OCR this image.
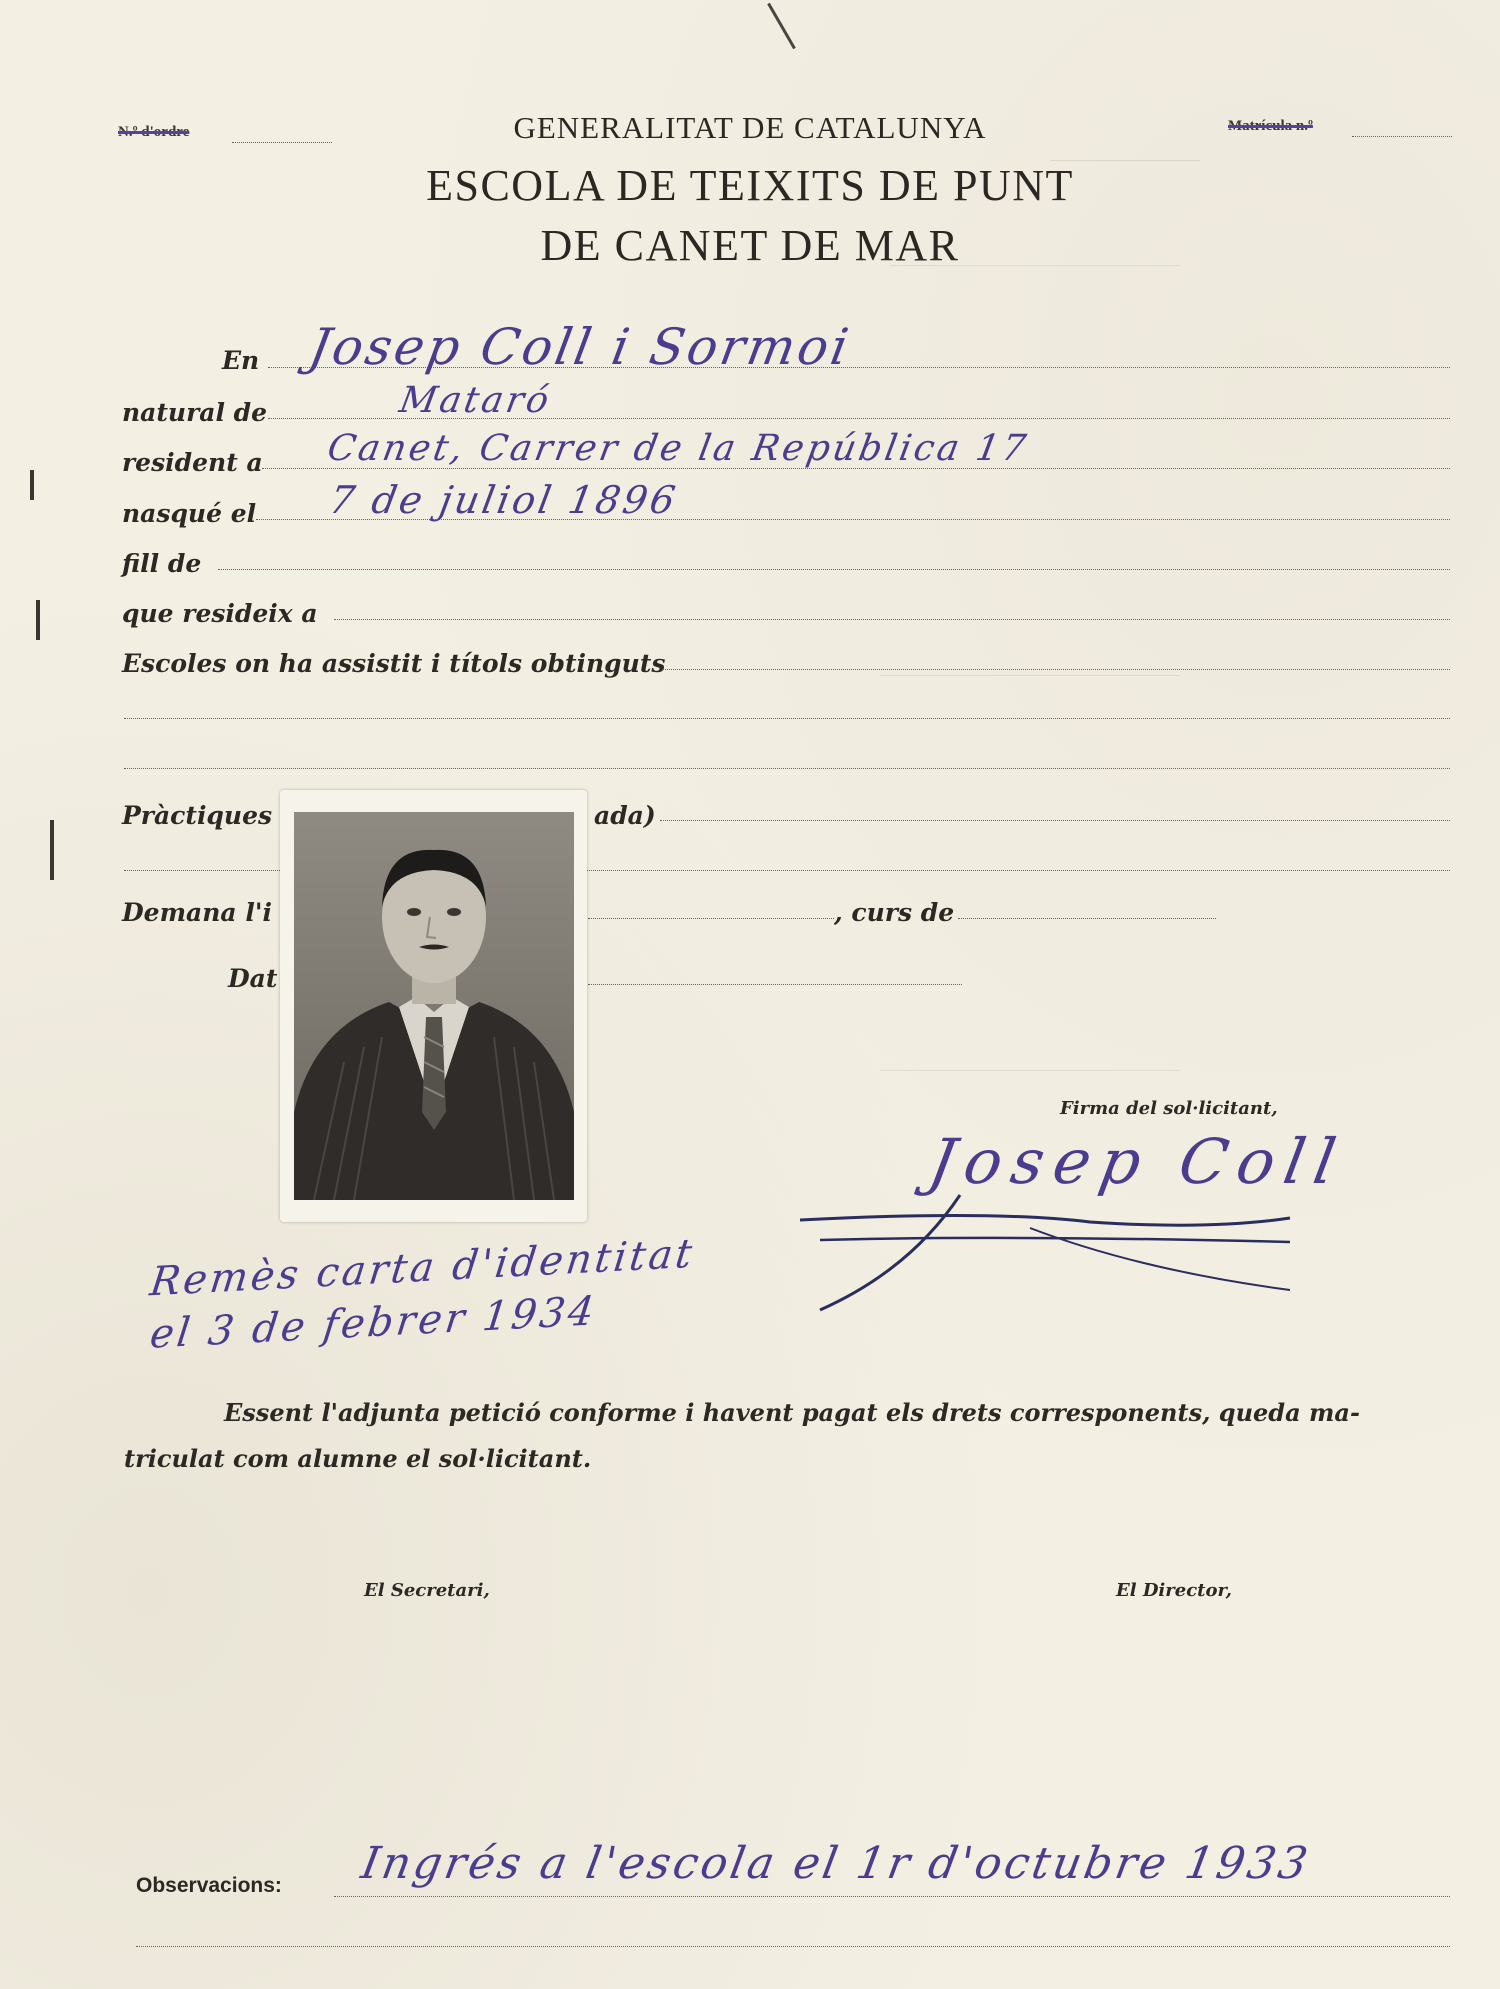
N.º d'ordre	Matrícula n.º
GENERALITAT DE CATALUNYA
ESCOLA DE TEIXITS DE PUNT
DE CANET DE MAR
En Josep Coll i Sormoi
natural de	Mataró
resident a Canet, Carrer de la República 17
nasqué el 7 de juliol 1896
fill de
que resideix a
Escoles on ha assistit i títols obtinguts
Pràctiques	ada)
Demana l'i	, curs de
Dat
Firma del sol·licitant,
Josep Coll
Remès carta d'identitat
el 3 de febrer 1934
Essent l'adjunta petició conforme i havent pagat els drets corresponents, queda ma-
triculat com alumne el sol·licitant.
El Secretari,	El Director,
Observacions: Ingrés a l'escola el 1r d'octubre 1933
